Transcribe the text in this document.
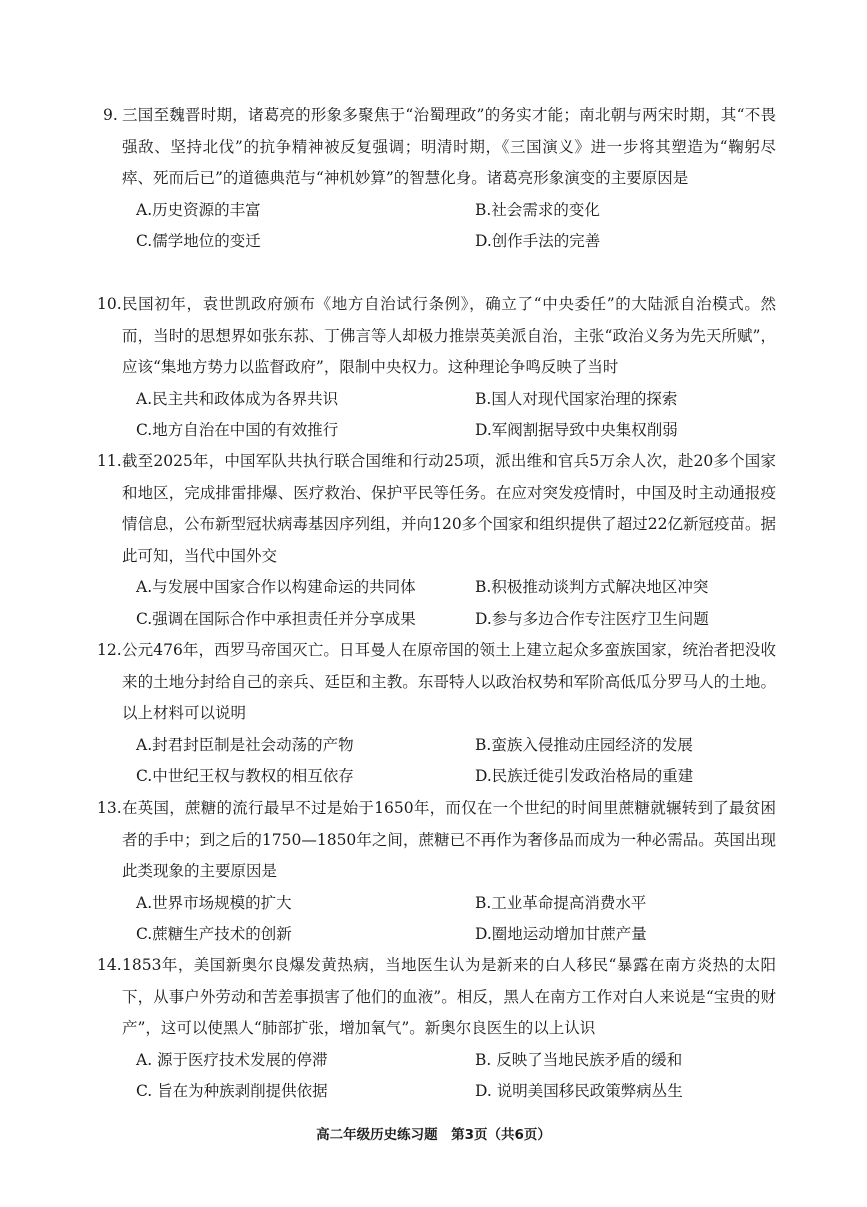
9. 三国至魏晋时期，诸葛亮的形象多聚焦于“治蜀理政”的务实才能；南北朝与两宋时期，其“不畏强敌、坚持北伐”的抗争精神被反复强调；明清时期，《三国演义》进一步将其塑造为“鞠躬尽瘁、死而后已”的道德典范与“神机妙算”的智慧化身。诸葛亮形象演变的主要原因是

A.历史资源的丰富	B.社会需求的变化
C.儒学地位的变迁	D.创作手法的完善

10. 民国初年，袁世凯政府颁布《地方自治试行条例》，确立了“中央委任”的大陆派自治模式。然而，当时的思想界如张东荪、丁佛言等人却极力推崇英美派自治，主张“政治义务为先天所赋”，应该“集地方势力以监督政府”，限制中央权力。这种理论争鸣反映了当时

A.民主共和政体成为各界共识	B.国人对现代国家治理的探索
C.地方自治在中国的有效推行	D.军阀割据导致中央集权削弱

11. 截至2025年，中国军队共执行联合国维和行动25项，派出维和官兵5万余人次，赴20多个国家和地区，完成排雷排爆、医疗救治、保护平民等任务。在应对突发疫情时，中国及时主动通报疫情信息，公布新型冠状病毒基因序列组，并向120多个国家和组织提供了超过22亿新冠疫苗。据此可知，当代中国外交

A.与发展中国家合作以构建命运的共同体	B.积极推动谈判方式解决地区冲突
C.强调在国际合作中承担责任并分享成果	D.参与多边合作专注医疗卫生问题

12. 公元476年，西罗马帝国灭亡。日耳曼人在原帝国的领土上建立起众多蛮族国家，统治者把没收来的土地分封给自己的亲兵、廷臣和主教。东哥特人以政治权势和军阶高低瓜分罗马人的土地。以上材料可以说明

A.封君封臣制是社会动荡的产物	B.蛮族入侵推动庄园经济的发展
C.中世纪王权与教权的相互依存	D.民族迁徙引发政治格局的重建

13. 在英国，蔗糖的流行最早不过是始于1650年，而仅在一个世纪的时间里蔗糖就辗转到了最贫困者的手中；到之后的1750—1850年之间，蔗糖已不再作为奢侈品而成为一种必需品。英国出现此类现象的主要原因是

A.世界市场规模的扩大	B.工业革命提高消费水平
C.蔗糖生产技术的创新	D.圈地运动增加甘蔗产量

14. 1853年，美国新奥尔良爆发黄热病，当地医生认为是新来的白人移民“暴露在南方炎热的太阳下，从事户外劳动和苦差事损害了他们的血液”。相反，黑人在南方工作对白人来说是“宝贵的财产”，这可以使黑人“肺部扩张，增加氧气”。新奥尔良医生的以上认识

A. 源于医疗技术发展的停滞	B. 反映了当地民族矛盾的缓和
C. 旨在为种族剥削提供依据	D. 说明美国移民政策弊病丛生
高二年级历史练习题　第3页（共6页）
